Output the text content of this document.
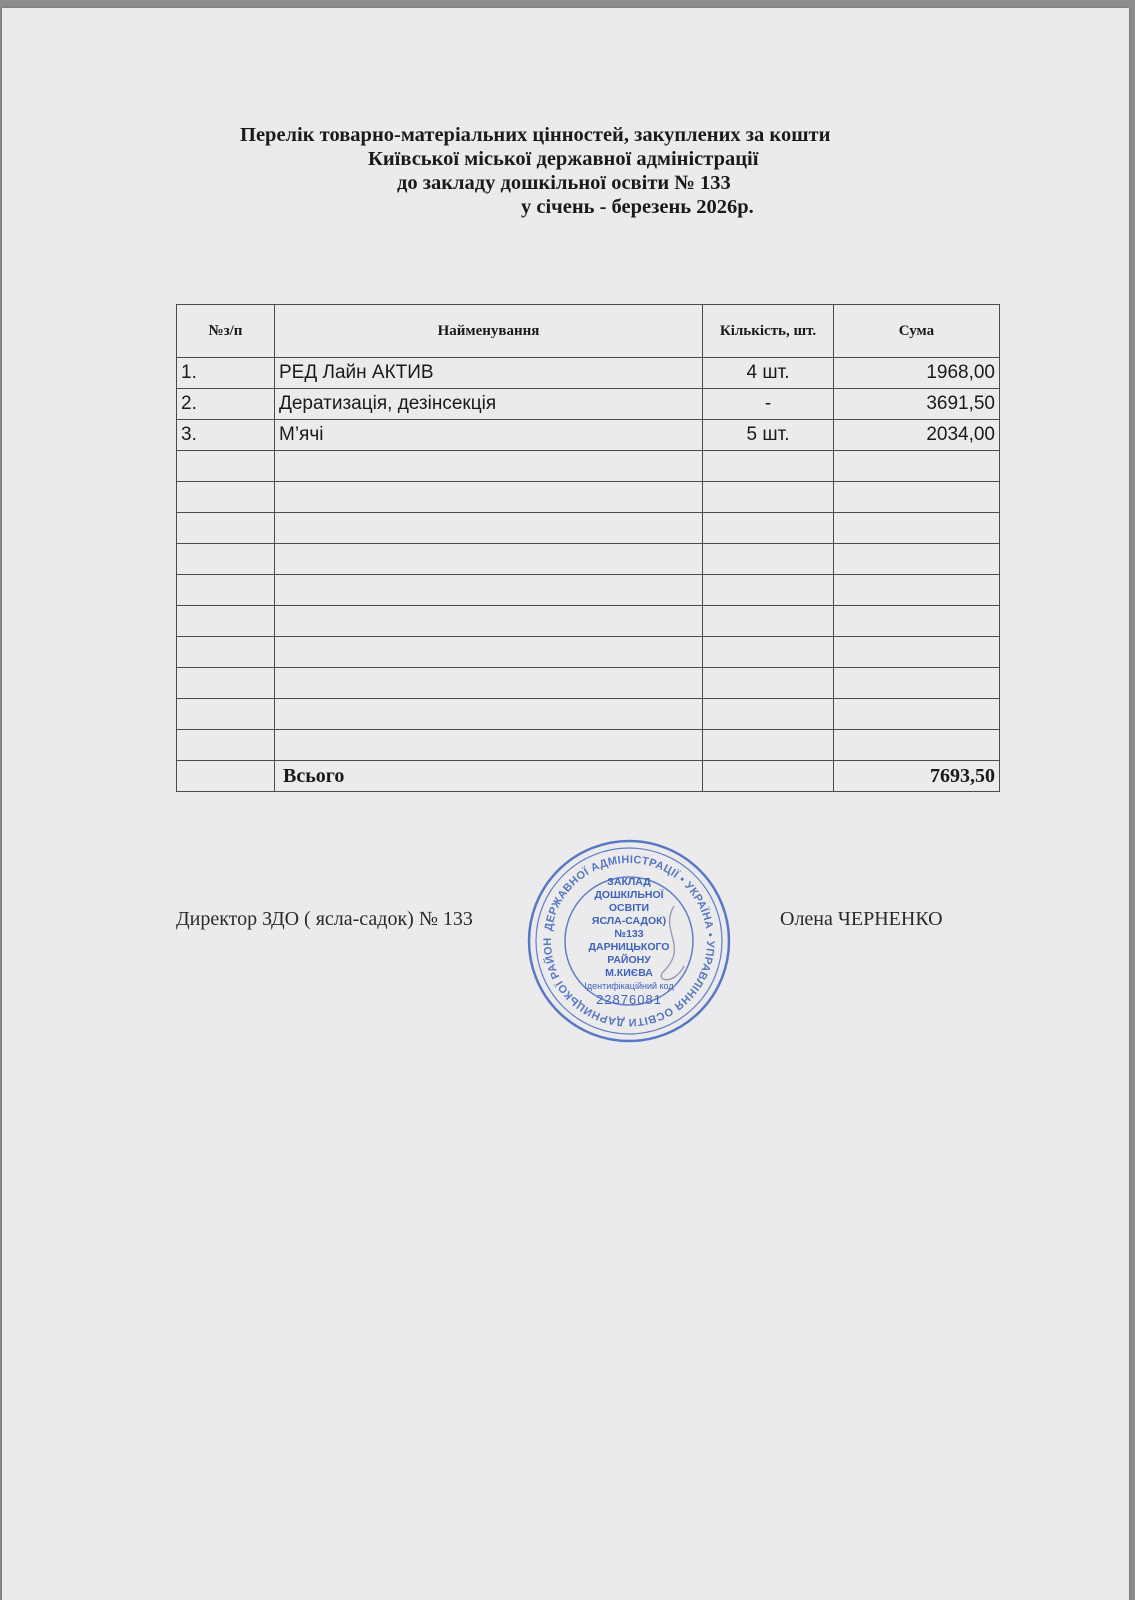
Перелік товарно-матеріальних цінностей, закуплених за кошти
Київської міської державної адміністрації
до закладу дошкільної освіти № 133
у січень - березень 2026р.
№з/п	Найменування	Кількість, шт.	Сума
1.	РЕД Лайн АКТИВ	4 шт.	1968,00
2.	Дератизація, дезінсекція	-	3691,50
3.	М’ячі	5 шт.	2034,00

	Всього		7693,50
Директор ЗДО ( ясла-садок) № 133	Олена ЧЕРНЕНКО
ДЕРЖАВНОЇ АДМІНІСТРАЦІЇ • УКРАЇНА • УПРАВЛІННЯ ОСВІТИ ДАРНИЦЬКОЇ РАЙОН
ЗАКЛАД
ДОШКІЛЬНОЇ ОСВІТИ
ЯСЛА-САДОК) №133
ДАРНИЦЬКОГО РАЙОНУ
М.КИЄВА
Ідентифікаційний код
22876081
